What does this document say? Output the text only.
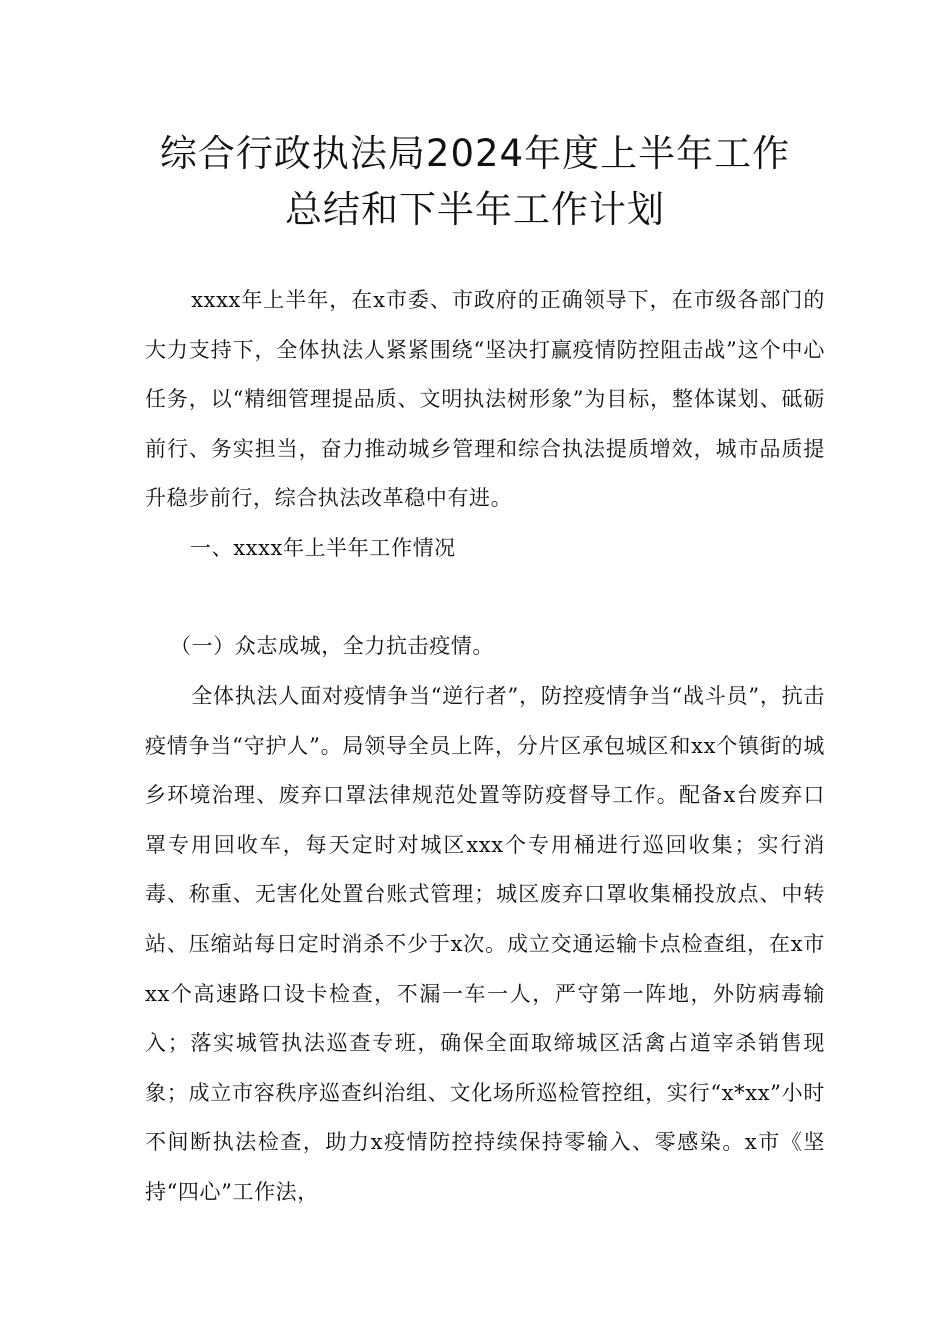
综合行政执法局2024年度上半年工作
总结和下半年工作计划

xxxx年上半年，在x市委、市政府的正确领导下，在市级各部门的大力支持下，全体执法人紧紧围绕“坚决打赢疫情防控阻击战”这个中心任务，以“精细管理提品质、文明执法树形象”为目标，整体谋划、砥砺前行、务实担当，奋力推动城乡管理和综合执法提质增效，城市品质提升稳步前行，综合执法改革稳中有进。

一、xxxx年上半年工作情况
（一）众志成城，全力抗击疫情。

全体执法人面对疫情争当“逆行者”，防控疫情争当“战斗员”，抗击疫情争当“守护人”。局领导全员上阵，分片区承包城区和xx个镇街的城乡环境治理、废弃口罩法律规范处置等防疫督导工作。配备x台废弃口罩专用回收车，每天定时对城区xxx个专用桶进行巡回收集；实行消毒、称重、无害化处置台账式管理；城区废弃口罩收集桶投放点、中转站、压缩站每日定时消杀不少于x次。成立交通运输卡点检查组，在x市xx个高速路口设卡检查，不漏一车一人，严守第一阵地，外防病毒输入；落实城管执法巡查专班，确保全面取缔城区活禽占道宰杀销售现象；成立市容秩序巡查纠治组、文化场所巡检管控组，实行“x*xx”小时不间断执法检查，助力x疫情防控持续保持零输入、零感染。x市《坚持“四心”工作法，
